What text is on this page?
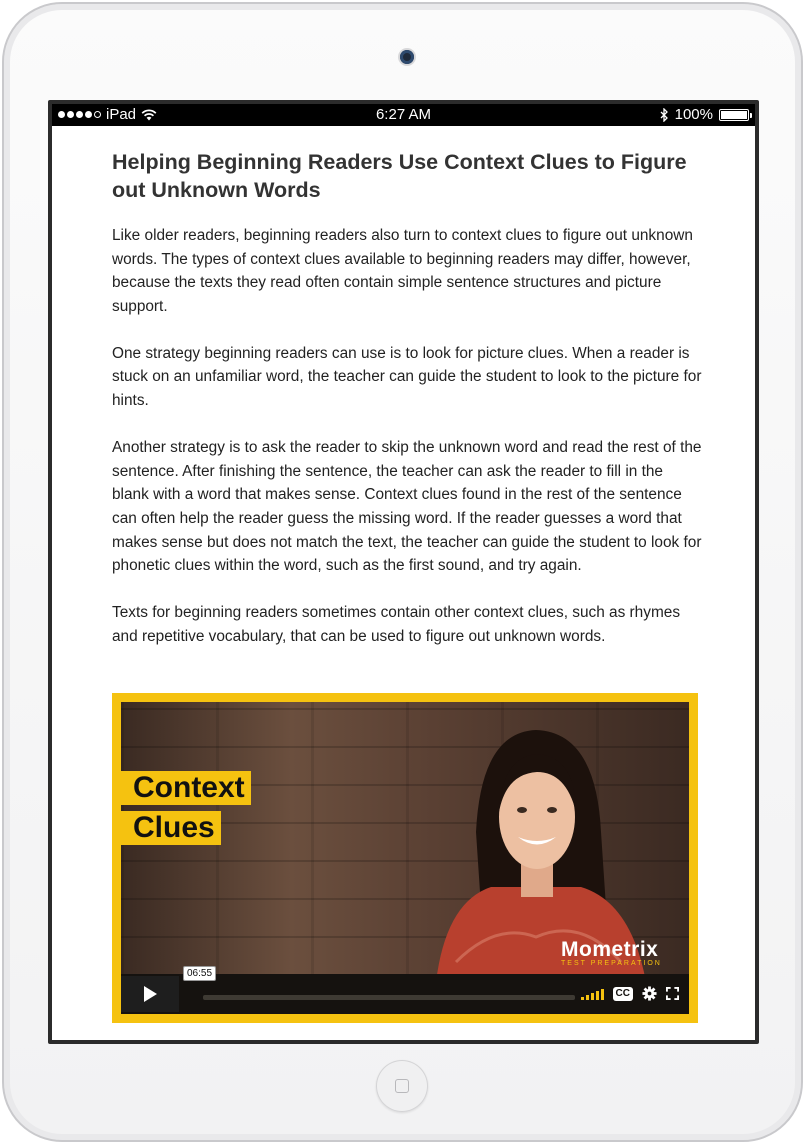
iPad	6:27 AM	100%
Helping Beginning Readers Use Context Clues to Figure out Unknown Words

Like older readers, beginning readers also turn to context clues to figure out unknown words. The types of context clues available to beginning readers may differ, however, because the texts they read often contain simple sentence structures and picture support.

One strategy beginning readers can use is to look for picture clues. When a reader is stuck on an unfamiliar word, the teacher can guide the student to look to the picture for hints.

Another strategy is to ask the reader to skip the unknown word and read the rest of the sentence. After finishing the sentence, the teacher can ask the reader to fill in the blank with a word that makes sense. Context clues found in the rest of the sentence can often help the reader guess the missing word. If the reader guesses a word that makes sense but does not match the text, the teacher can guide the student to look for phonetic clues within the word, such as the first sound, and try again.

Texts for beginning readers sometimes contain other context clues, such as rhymes and repetitive vocabulary, that can be used to figure out unknown words.

Context
Clues
Mometrix
TEST PREPARATION
06:55
CC
